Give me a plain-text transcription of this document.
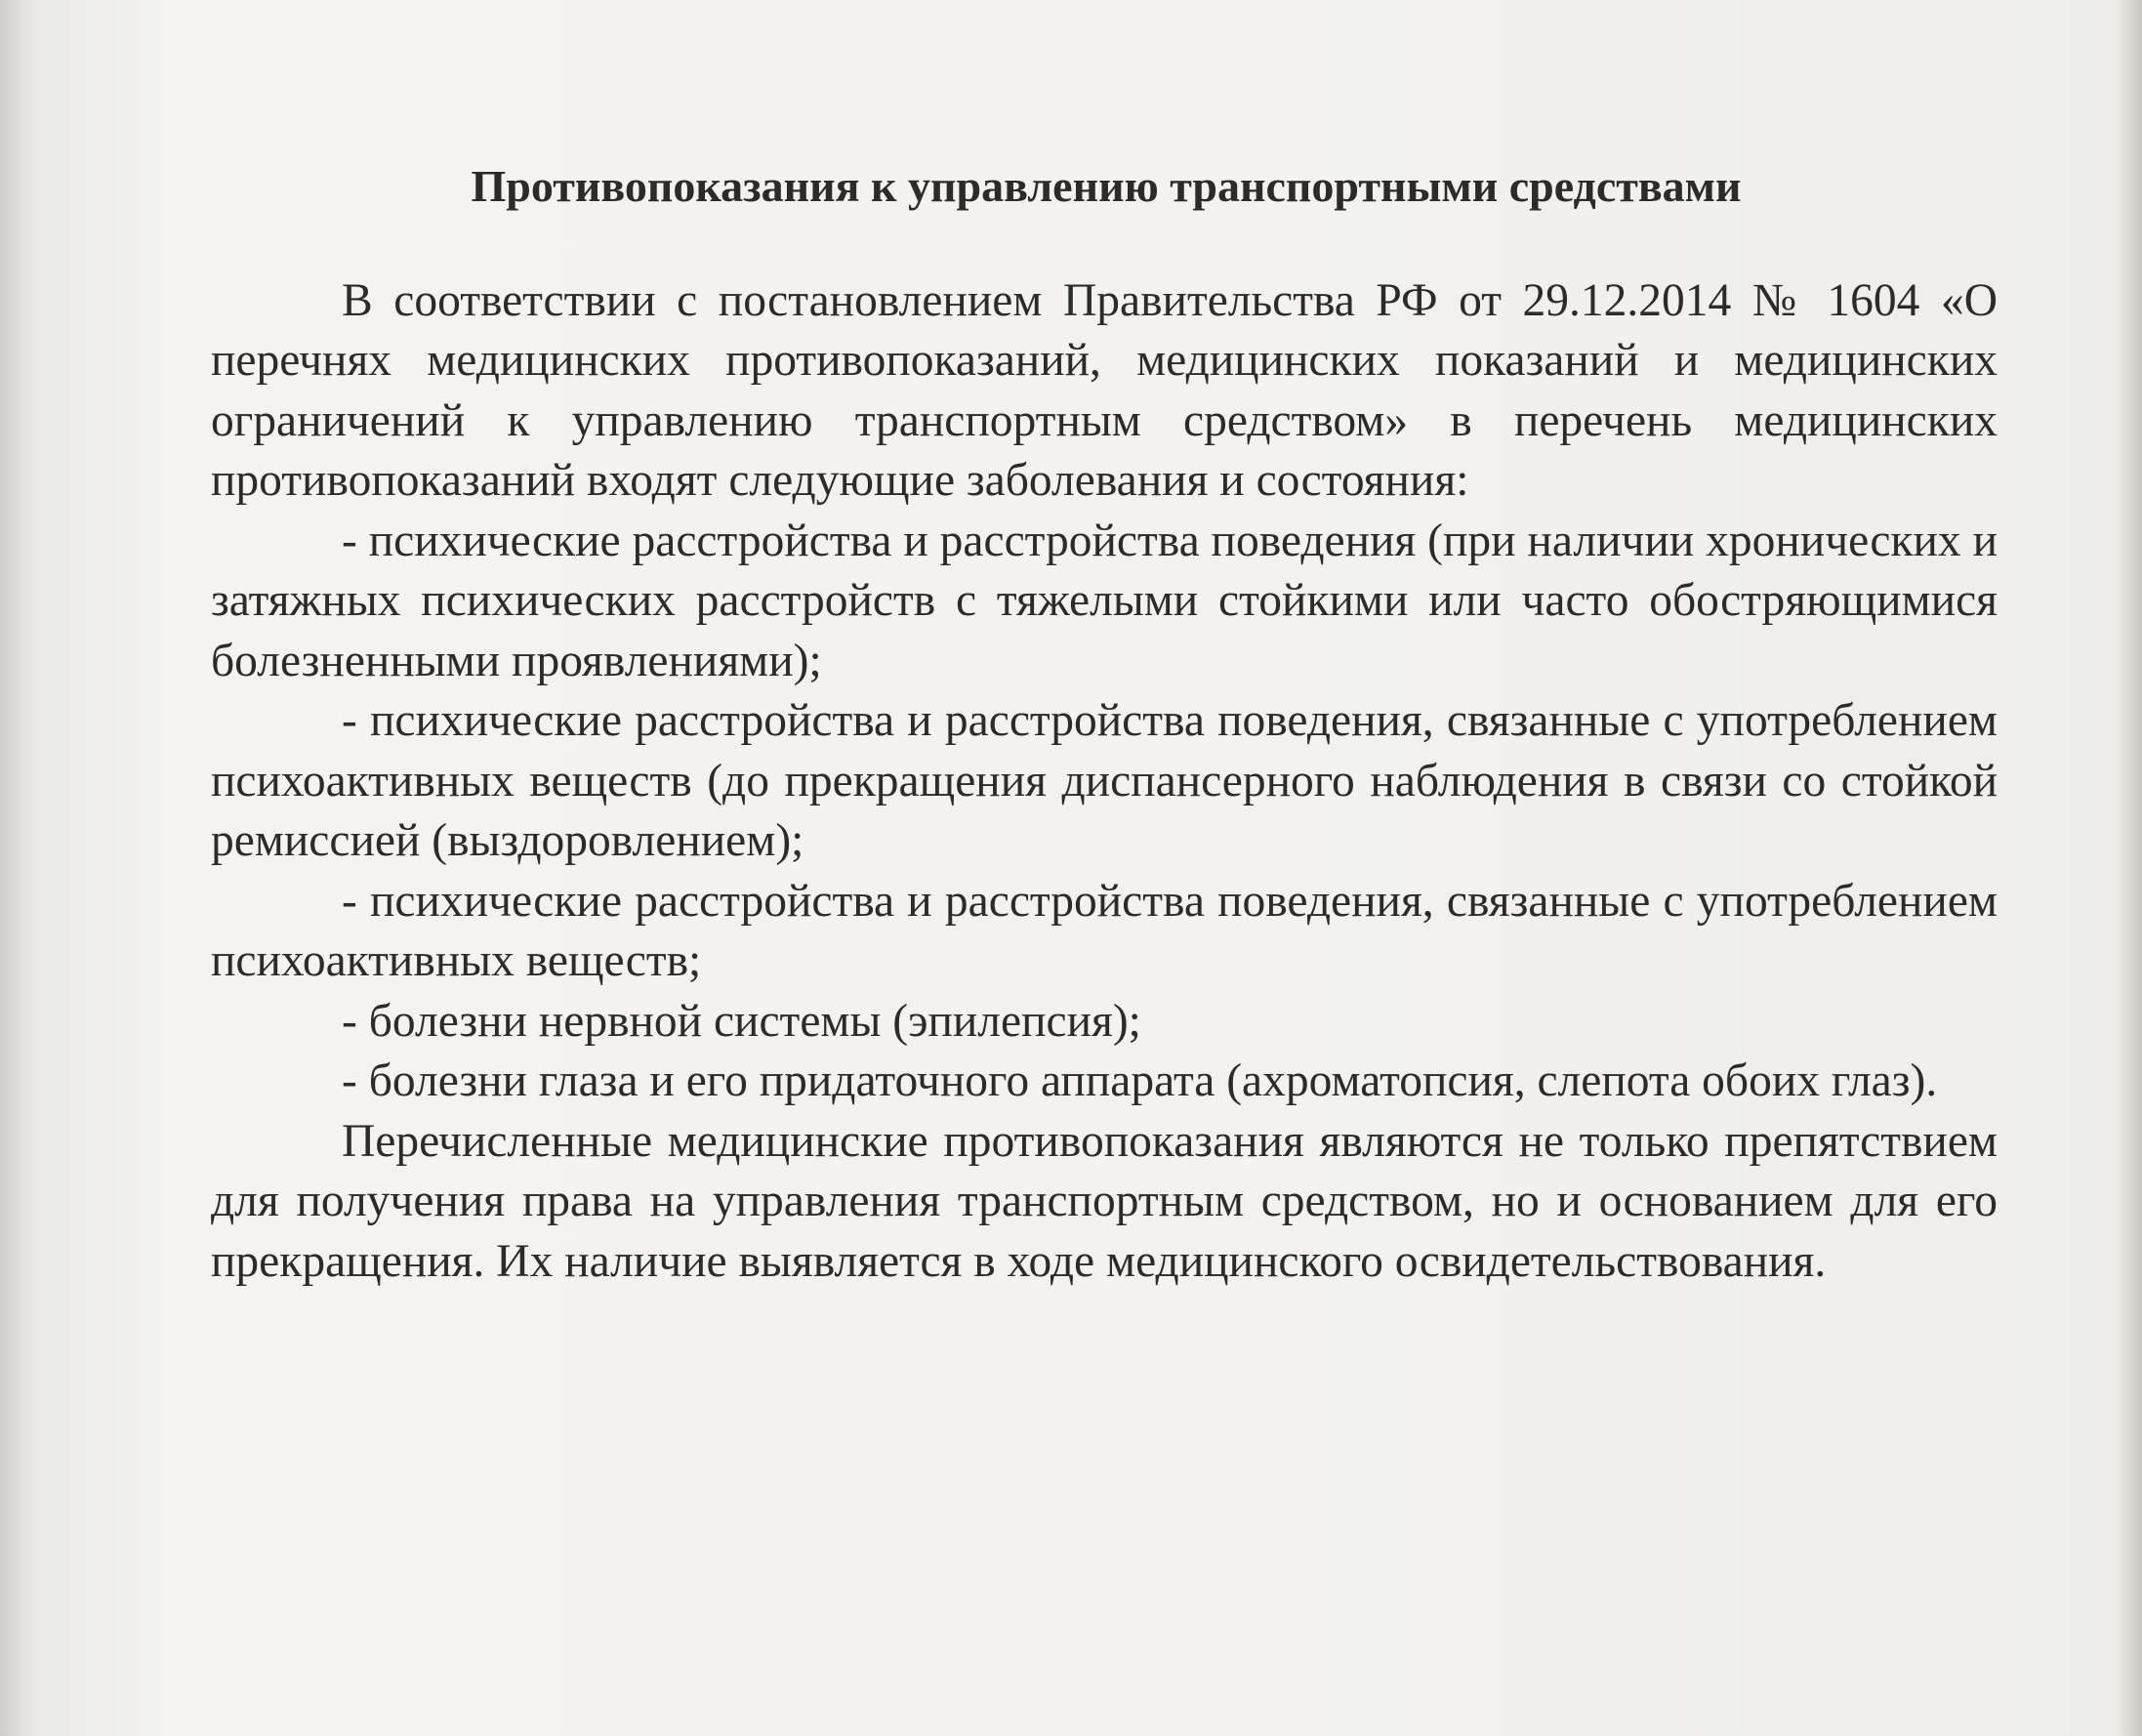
Противопоказания к управлению транспортными средствами

В соответствии с постановлением Правительства РФ от 29.12.2014 № 1604 «О перечнях медицинских противопоказаний, медицинских показаний и медицинских ограничений к управлению транспортным средством» в перечень медицинских противопоказаний входят следующие заболевания и состояния:

- психические расстройства и расстройства поведения (при наличии хронических и затяжных психических расстройств с тяжелыми стойкими или часто обостряющимися болезненными проявлениями);

- психические расстройства и расстройства поведения, связанные с употреблением психоактивных веществ (до прекращения диспансерного наблюдения в связи со стойкой ремиссией (выздоровлением);

- психические расстройства и расстройства поведения, связанные с употреблением психоактивных веществ;

- болезни нервной системы (эпилепсия);

- болезни глаза и его придаточного аппарата (ахроматопсия, слепота обоих глаз).

Перечисленные медицинские противопоказания являются не только препятствием для получения права на управления транспортным средством, но и основанием для его прекращения. Их наличие выявляется в ходе медицинского освидетельствования.
